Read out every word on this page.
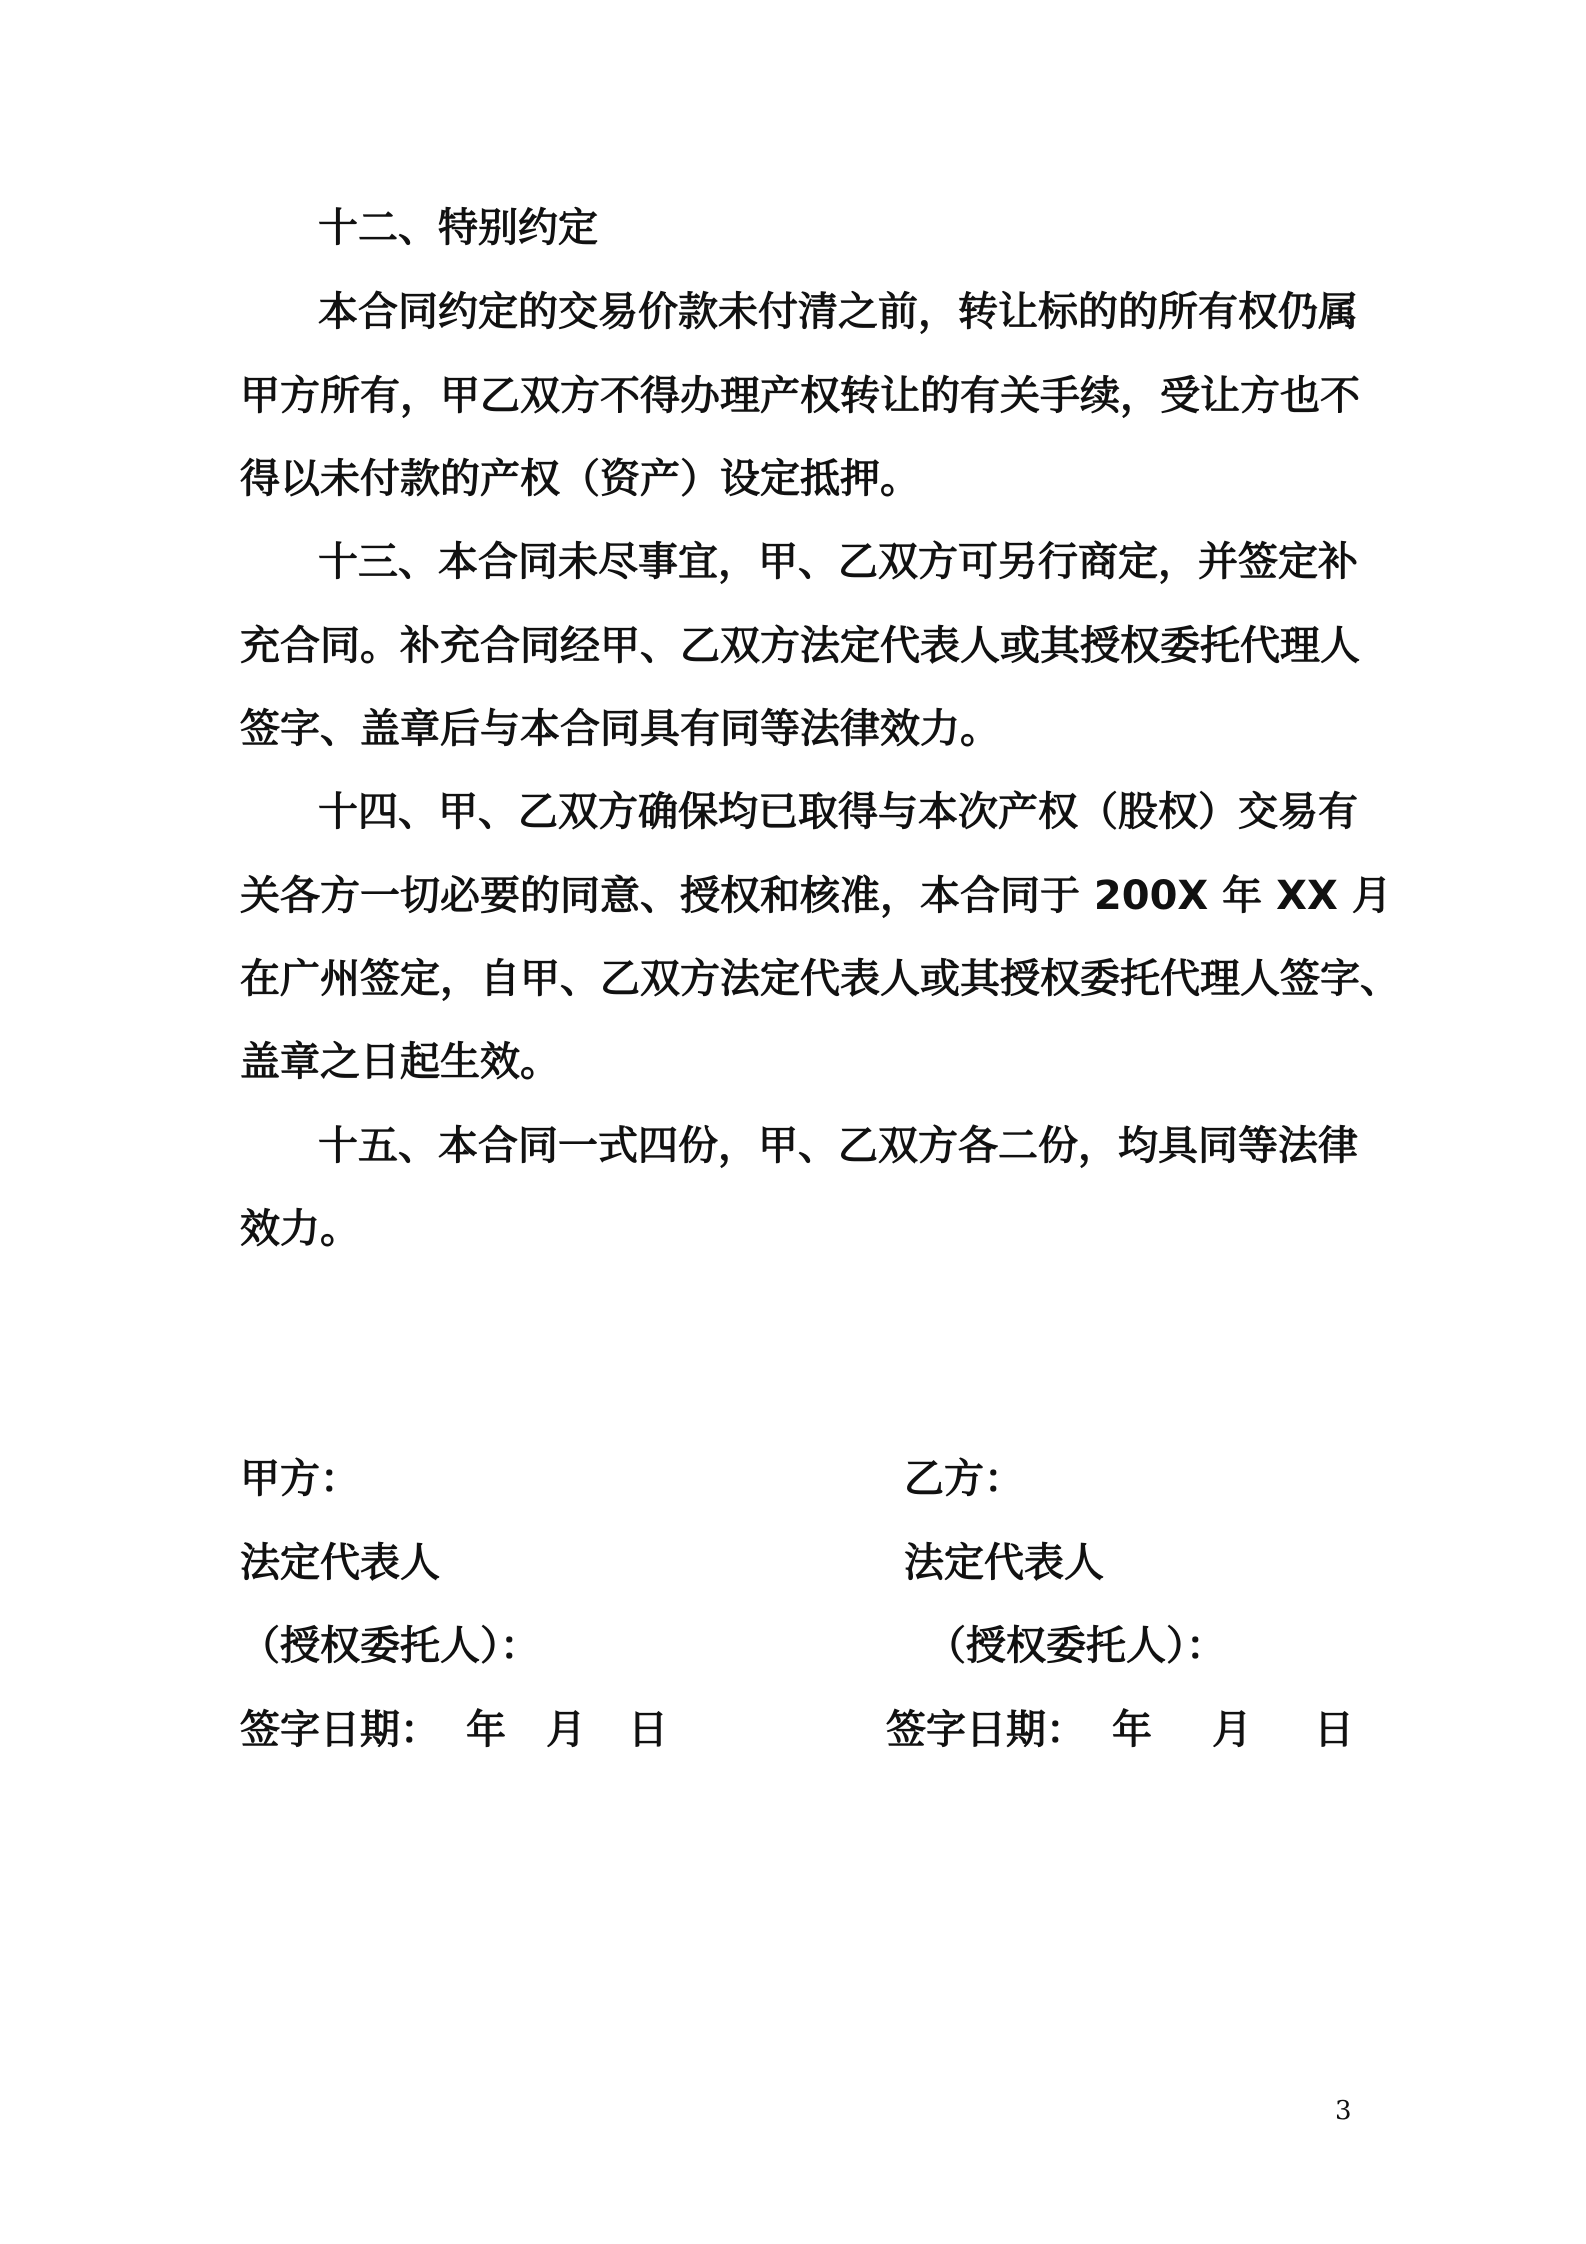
十二、特别约定
本合同约定的交易价款未付清之前，转让标的的所有权仍属
甲方所有，甲乙双方不得办理产权转让的有关手续，受让方也不
得以未付款的产权（资产）设定抵押。
十三、本合同未尽事宜，甲、乙双方可另行商定，并签定补
充合同。补充合同经甲、乙双方法定代表人或其授权委托代理人
签字、盖章后与本合同具有同等法律效力。
十四、甲、乙双方确保均已取得与本次产权（股权）交易有
关各方一切必要的同意、授权和核准，本合同于 200X 年 XX 月
在广州签定，自甲、乙双方法定代表人或其授权委托代理人签字、
盖章之日起生效。
十五、本合同一式四份，甲、乙双方各二份，均具同等法律
效力。
甲方：
法定代表人
（授权委托人）：
签字日期： 年 月 日
乙方：
法定代表人
（授权委托人）：
签字日期： 年 月 日
3
